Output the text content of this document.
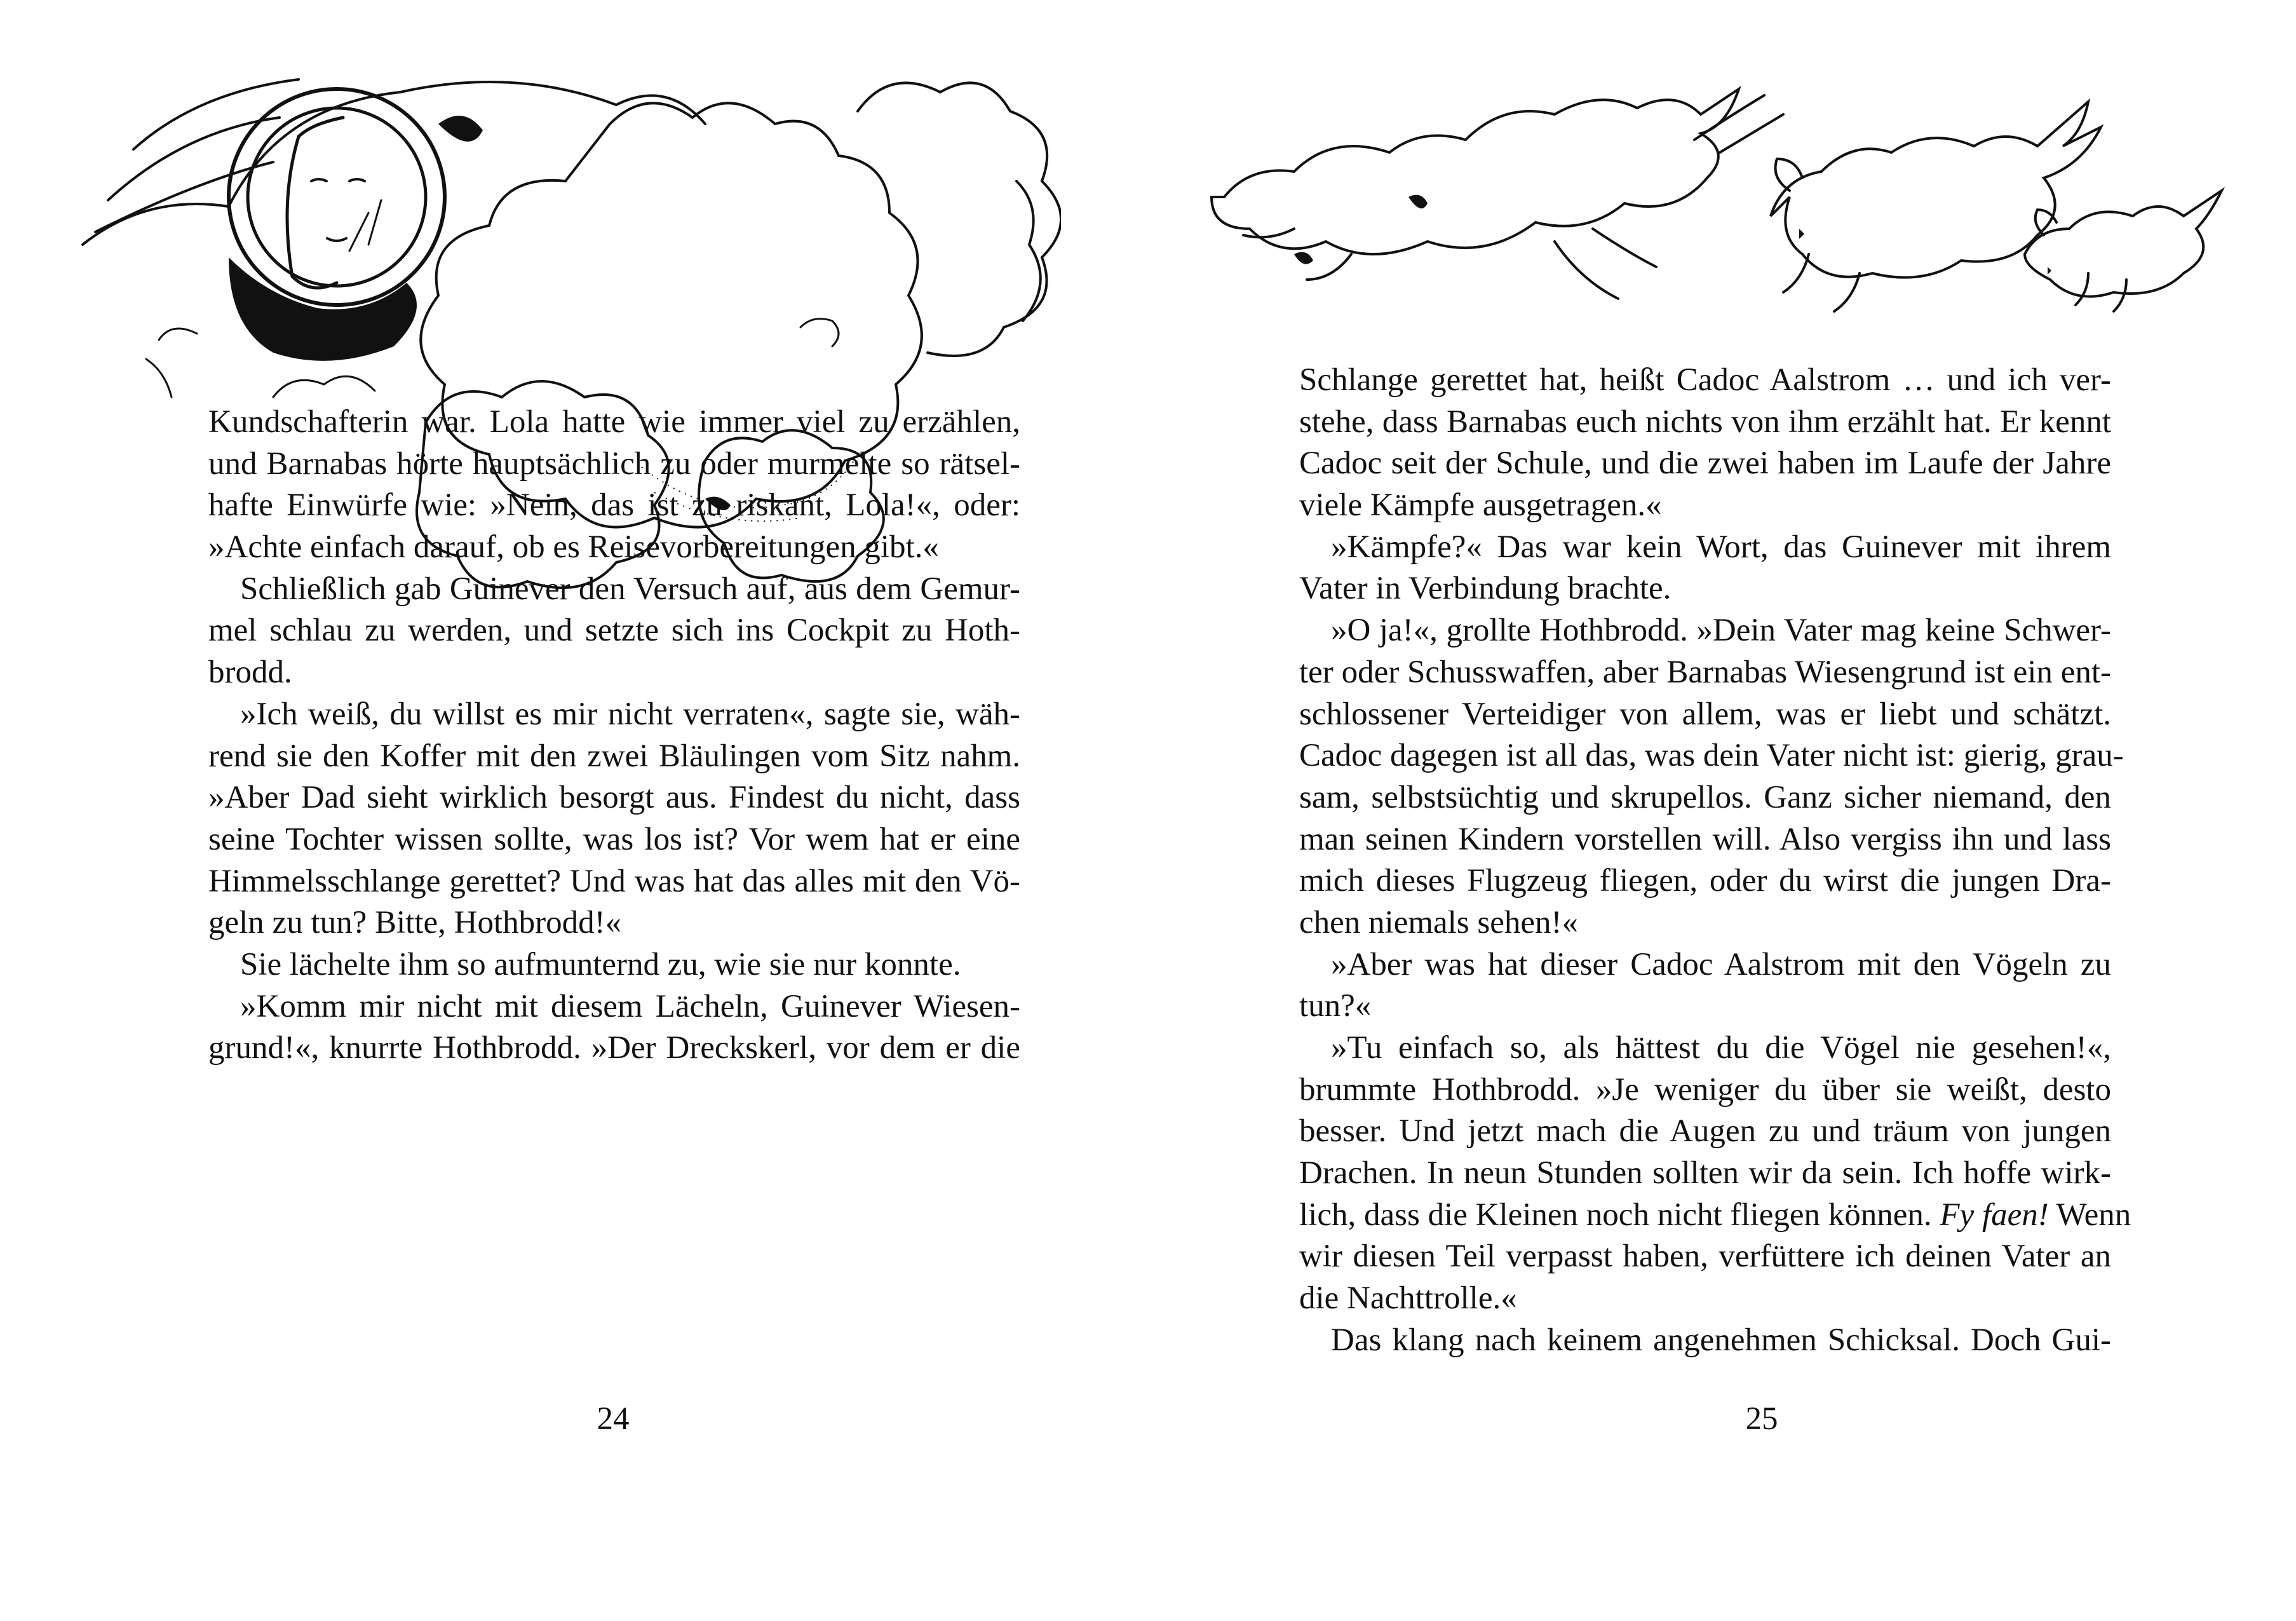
Kundschafterin war. Lola hatte wie immer viel zu erzählen,
und Barnabas hörte hauptsächlich zu oder murmelte so rätsel-
hafte Einwürfe wie: »Nein, das ist zu riskant, Lola!«, oder:
»Achte einfach darauf, ob es Reisevorbereitungen gibt.«
Schließlich gab Guinever den Versuch auf, aus dem Gemur-
mel schlau zu werden, und setzte sich ins Cockpit zu Hoth-
brodd.
»Ich weiß, du willst es mir nicht verraten«, sagte sie, wäh-
rend sie den Koffer mit den zwei Bläulingen vom Sitz nahm.
»Aber Dad sieht wirklich besorgt aus. Findest du nicht, dass
seine Tochter wissen sollte, was los ist? Vor wem hat er eine
Himmelsschlange gerettet? Und was hat das alles mit den Vö-
geln zu tun? Bitte, Hothbrodd!«
Sie lächelte ihm so aufmunternd zu, wie sie nur konnte.
»Komm mir nicht mit diesem Lächeln, Guinever Wiesen-
grund!«, knurrte Hothbrodd. »Der Dreckskerl, vor dem er die
24
Schlange gerettet hat, heißt Cadoc Aalstrom … und ich ver-
stehe, dass Barnabas euch nichts von ihm erzählt hat. Er kennt
Cadoc seit der Schule, und die zwei haben im Laufe der Jahre
viele Kämpfe ausgetragen.«
»Kämpfe?« Das war kein Wort, das Guinever mit ihrem
Vater in Verbindung brachte.
»O ja!«, grollte Hothbrodd. »Dein Vater mag keine Schwer-
ter oder Schusswaffen, aber Barnabas Wiesengrund ist ein ent-
schlossener Verteidiger von allem, was er liebt und schätzt.
Cadoc dagegen ist all das, was dein Vater nicht ist: gierig, grau-
sam, selbstsüchtig und skrupellos. Ganz sicher niemand, den
man seinen Kindern vorstellen will. Also vergiss ihn und lass
mich dieses Flugzeug fliegen, oder du wirst die jungen Dra-
chen niemals sehen!«
»Aber was hat dieser Cadoc Aalstrom mit den Vögeln zu
tun?«
»Tu einfach so, als hättest du die Vögel nie gesehen!«,
brummte Hothbrodd. »Je weniger du über sie weißt, desto
besser. Und jetzt mach die Augen zu und träum von jungen
Drachen. In neun Stunden sollten wir da sein. Ich hoffe wirk-
lich, dass die Kleinen noch nicht fliegen können. Fy faen! Wenn
wir diesen Teil verpasst haben, verfüttere ich deinen Vater an
die Nachttrolle.«
Das klang nach keinem angenehmen Schicksal. Doch Gui-
25
